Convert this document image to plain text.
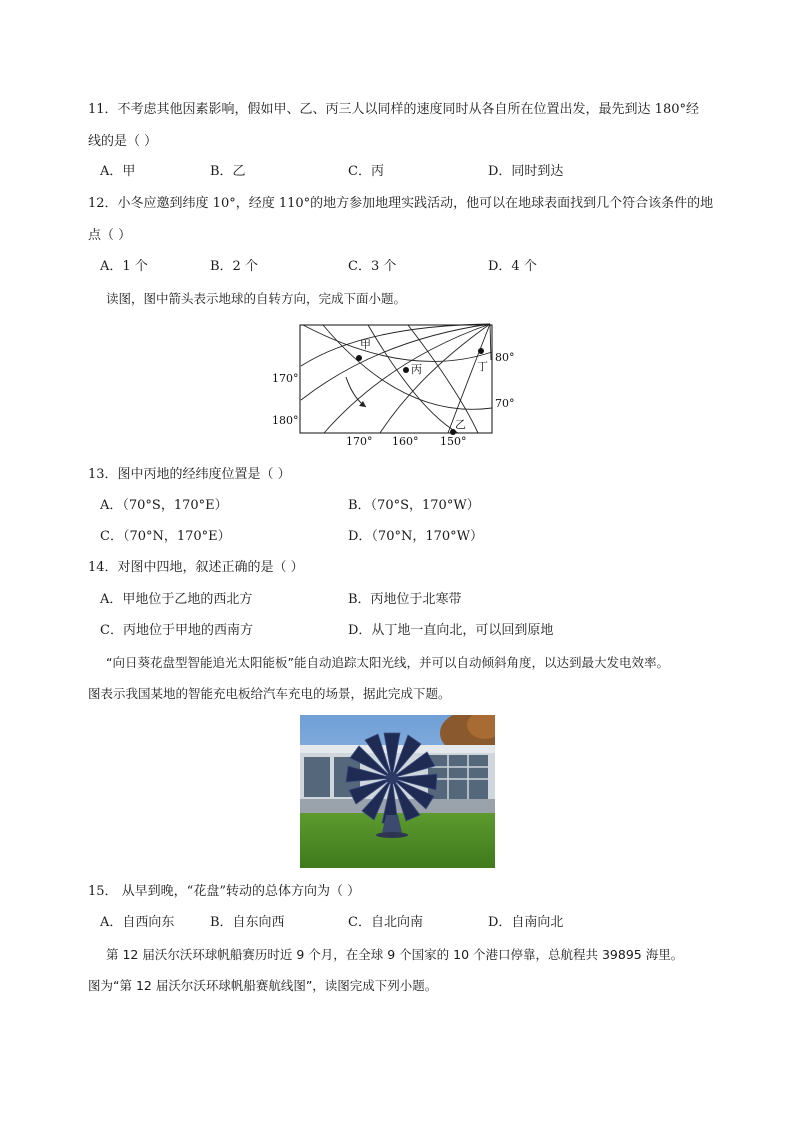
11．不考虑其他因素影响，假如甲、乙、丙三人以同样的速度同时从各自所在位置出发，最先到达 180°经
线的是（ ）
A．甲	B．乙	C．丙	D．同时到达
12．小冬应邀到纬度 10°，经度 110°的地方参加地理实践活动，他可以在地球表面找到几个符合该条件的地
点（ ）
A．1 个	B．2 个	C．3 个	D．4 个
读图，图中箭头表示地球的自转方向，完成下面小题。
甲
乙
丙	丁
170°
180°
170° 160° 150°
80°
70°
13．图中丙地的经纬度位置是（ ）
A．（70°S，170°E）	B．（70°S，170°W）
C．（70°N，170°E）	D．（70°N，170°W）
14．对图中四地，叙述正确的是（ ）
A．甲地位于乙地的西北方	B．丙地位于北寒带
C．丙地位于甲地的西南方	D．从丁地一直向北，可以回到原地
“向日葵花盘型智能追光太阳能板”能自动追踪太阳光线，并可以自动倾斜角度，以达到最大发电效率。
图表示我国某地的智能充电板给汽车充电的场景，据此完成下题。
15． 从早到晚，“花盘”转动的总体方向为（ ）
A．自西向东	B．自东向西	C．自北向南	D．自南向北
第 12 届沃尔沃环球帆船赛历时近 9 个月，在全球 9 个国家的 10 个港口停靠，总航程共 39895 海里。
图为“第 12 届沃尔沃环球帆船赛航线图”，读图完成下列小题。
